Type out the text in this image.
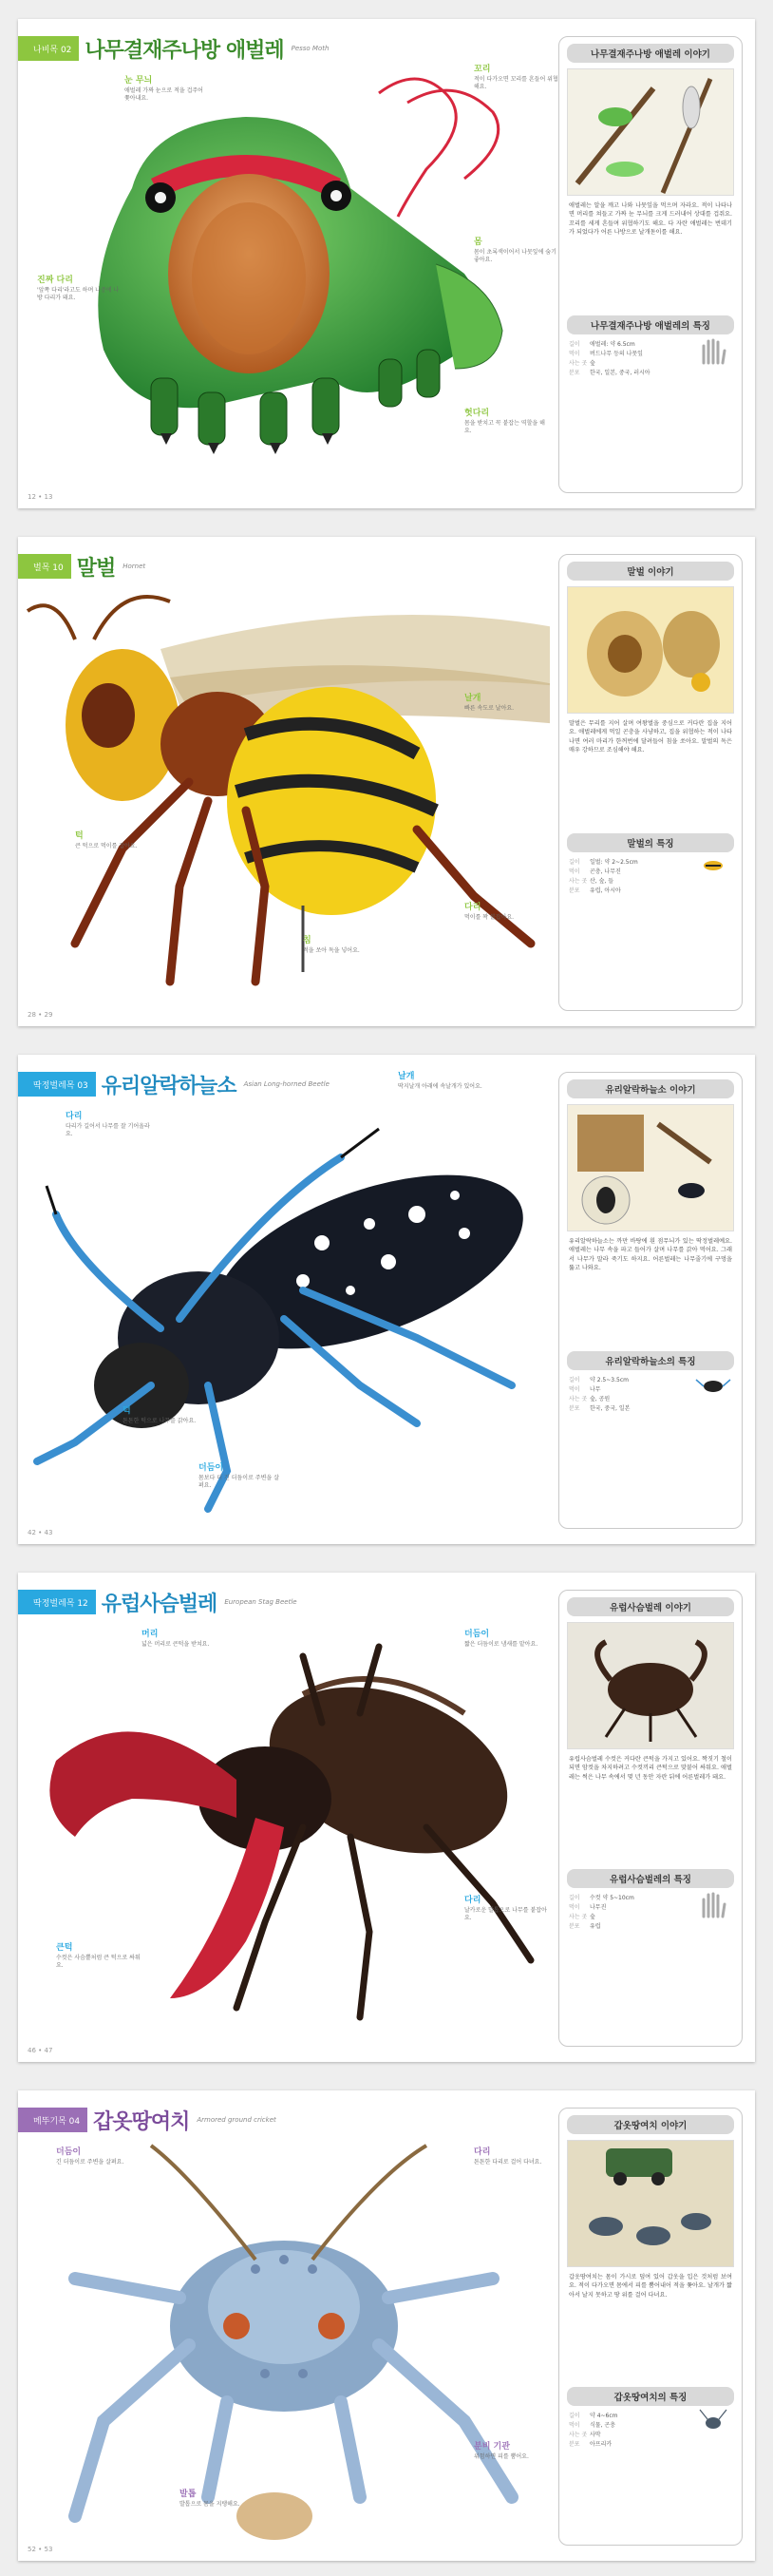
나비목 02 나무결재주나방 애벌레 Pesso Moth
눈 무늬
애벌레 가짜 눈으로 적을 겁주어 쫓아내요.
진짜 다리
'앞쪽 다리'라고도 하며 나중에 나방 다리가 돼요.
꼬리
적이 다가오면 꼬리를 흔들어 위협해요.
몸
몸이 초록색이어서 나뭇잎에 숨기 좋아요.
헛다리
몸을 받치고 꼭 붙잡는 역할을 해요.
12 • 13
나무결재주나방 애벌레 이야기
애벌레는 알을 깨고 나와 나뭇잎을 먹으며 자라요. 적이 나타나면 머리를 쳐들고 가짜 눈 무늬를 크게 드러내어 상대를 겁줘요. 꼬리를 세게 흔들며 위협하기도 해요. 다 자란 애벌레는 번데기가 되었다가 어른 나방으로 날개돋이를 해요.
나무결재주나방 애벌레의 특징
길이	애벌레: 약 6.5cm
먹이	버드나무 등의 나뭇잎
사는 곳 숲
분포	한국, 일본, 중국, 러시아
벌목 10 말벌 Hornet
턱
큰 턱으로 먹이를 잡아요.
침
적을 쏘아 독을 넣어요.
날개
빠른 속도로 날아요.
다리
먹이를 꽉 붙잡아요.
28 • 29
말벌 이야기
말벌은 무리를 지어 살며 여왕벌을 중심으로 커다란 집을 지어요. 애벌레에게 먹일 곤충을 사냥하고, 집을 위협하는 적이 나타나면 여러 마리가 한꺼번에 달려들어 침을 쏘아요. 말벌의 독은 매우 강하므로 조심해야 해요.
말벌의 특징
길이	일벌: 약 2~2.5cm
먹이	곤충, 나무진
사는 곳 산, 숲, 들
분포	유럽, 아시아
딱정벌레목 03 유리알락하늘소 Asian Long-horned Beetle
다리
다리가 길어서 나무를 잘 기어올라요.
턱
튼튼한 턱으로 나무를 갉아요.
날개
딱지날개 아래에 속날개가 있어요.
더듬이
몸보다 더 긴 더듬이로 주변을 살펴요.
42 • 43
유리알락하늘소 이야기
유리알락하늘소는 까만 바탕에 흰 점무늬가 있는 딱정벌레예요. 애벌레는 나무 속을 파고 들어가 살며 나무를 갉아 먹어요. 그래서 나무가 말라 죽기도 하지요. 어른벌레는 나무줄기에 구멍을 뚫고 나와요.
유리알락하늘소의 특징
길이	약 2.5~3.5cm
먹이	나무
사는 곳 숲, 공원
분포	한국, 중국, 일본
딱정벌레목 12 유럽사슴벌레 European Stag Beetle
머리
넓은 머리로 큰턱을 받쳐요.
큰턱
수컷은 사슴뿔처럼 큰 턱으로 싸워요.
더듬이
짧은 더듬이로 냄새를 맡아요.
다리
날카로운 발톱으로 나무를 붙잡아요.
46 • 47
유럽사슴벌레 이야기
유럽사슴벌레 수컷은 커다란 큰턱을 가지고 있어요. 짝짓기 철이 되면 암컷을 차지하려고 수컷끼리 큰턱으로 맞붙어 싸워요. 애벌레는 썩은 나무 속에서 몇 년 동안 자란 뒤에 어른벌레가 돼요.
유럽사슴벌레의 특징
길이	수컷 약 5~10cm
먹이	나무진
사는 곳 숲
분포	유럽
메뚜기목 04 갑옷땅여치 Armored ground cricket
더듬이
긴 더듬이로 주변을 살펴요.
다리
튼튼한 다리로 걸어 다녀요.
발톱
발톱으로 몸을 지탱해요.
분비 기관
위험하면 피를 뿜어요.
52 • 53
갑옷땅여치 이야기
갑옷땅여치는 몸이 가시로 덮여 있어 갑옷을 입은 것처럼 보여요. 적이 다가오면 몸에서 피를 뿜어내어 적을 쫓아요. 날개가 짧아서 날지 못하고 땅 위를 걸어 다녀요.
갑옷땅여치의 특징
길이	약 4~6cm
먹이	식물, 곤충
사는 곳 사막
분포	아프리카
